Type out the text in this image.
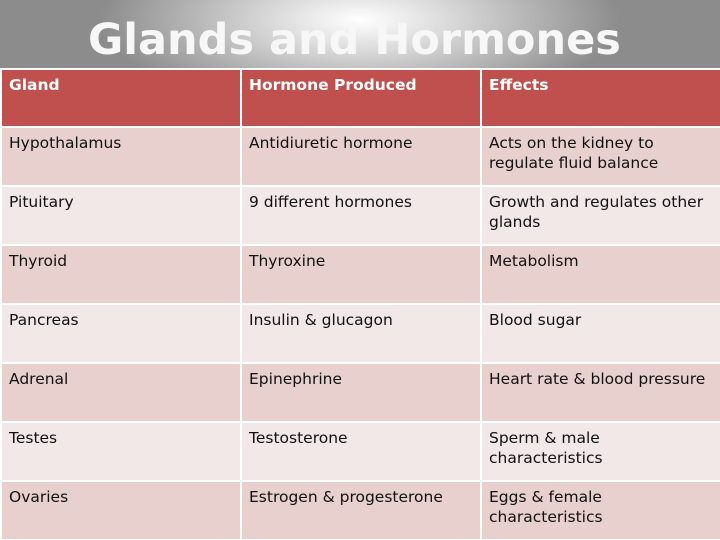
Glands and Hormones
Gland	Hormone Produced	Effects
Hypothalamus	Antidiuretic hormone	Acts on the kidney to regulate fluid balance
Pituitary	9 different hormones	Growth and regulates other glands
Thyroid	Thyroxine	Metabolism
Pancreas	Insulin & glucagon	Blood sugar
Adrenal	Epinephrine	Heart rate & blood pressure
Testes	Testosterone	Sperm & male characteristics
Ovaries	Estrogen & progesterone	Eggs & female characteristics
